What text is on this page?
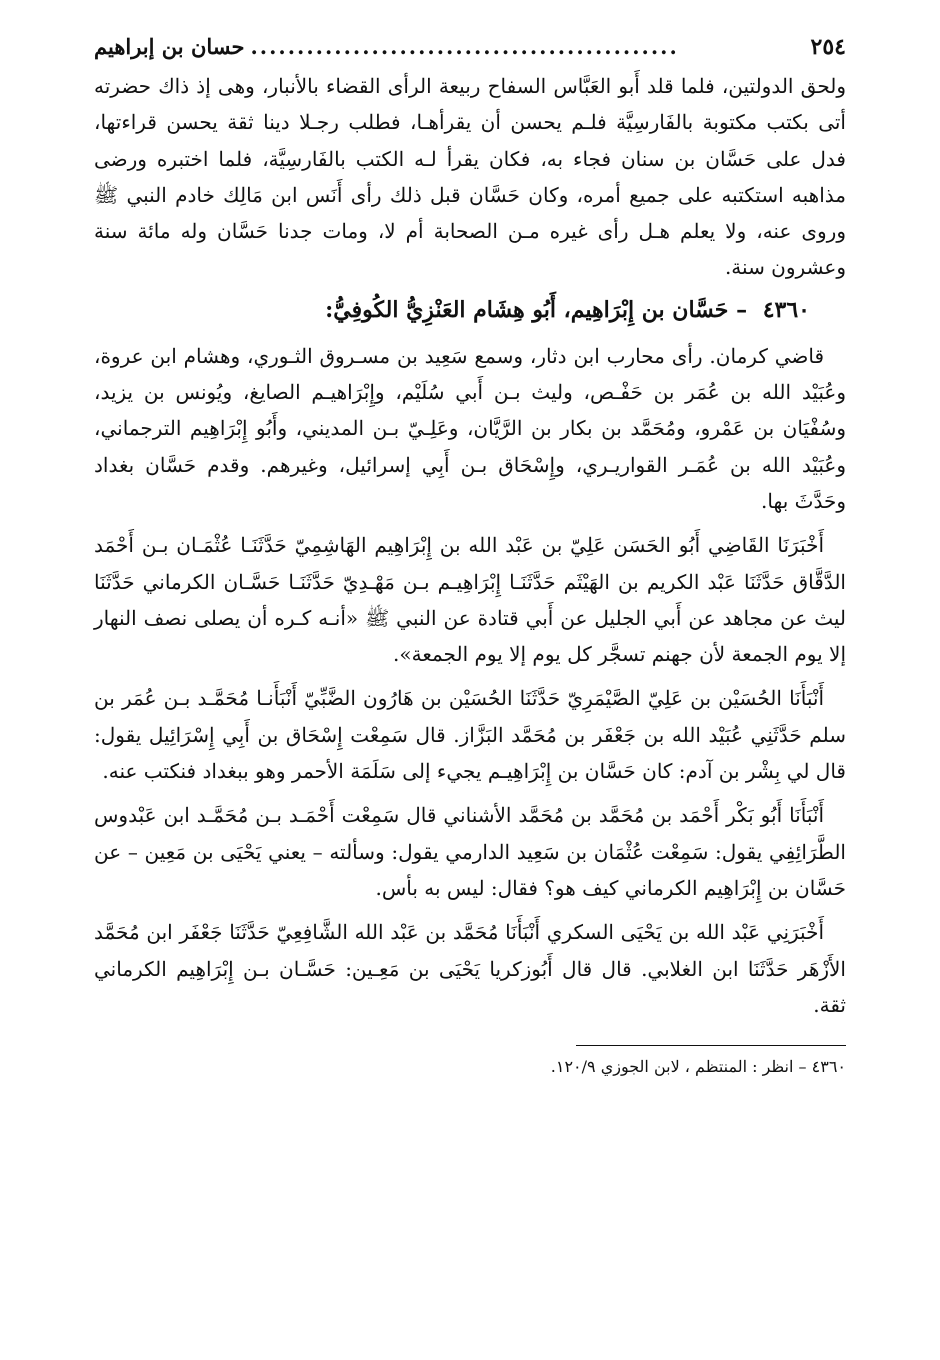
٢٥٤
..............................................
حسان بن إبراهيم

ولحق الدولتين، فلما قلد أَبو العَبَّاس السفاح ربيعة الرأى القضاء بالأنبار، وهى إذ ذاك حضرته أتى بكتب مكتوبة بالفَارسِيَّة فلـم يحسن أن يقرأهـا، فطلب رجـلا دينا ثقة يحسن قراءتها، فدل على حَسَّان بن سنان فجاء به، فكان يقرأ لـه الكتب بالفَارسِيَّة، فلما اختبره ورضى مذاهبه استكتبه على جميع أمره، وكان حَسَّان قبل ذلك رأى أَنَس ابن مَالِك خادم النبي ﷺ وروى عنه، ولا يعلم هـل رأى غيره مـن الصحابة أم لا، ومات جدنا حَسَّان وله مائة سنة وعشرون سنة.

٤٣٦٠ – حَسَّان بن إِبْرَاهِيم، أَبُو هِشَام العَنْزِيُّ الكُوفِيُّ:

قاضي كرمان. رأى محارب ابن دثار، وسمع سَعِيد بن مسـروق الثـوري، وهشام ابن عروة، وعُبَيْد الله بن عُمَر بن حَفْـص، وليث بـن أَبي سُلَيْم، وإِبْرَاهيـم الصايغ، ويُونس بن يزيد، وسُفْيَان بن عَمْرو، ومُحَمَّد بن بكار بن الرَّيَّان، وعَلِـيّ بـن المديني، وأَبُو إِبْرَاهِيم الترجماني، وعُبَيْد الله بن عُمَـر القواريـري، وإِسْحَاق بـن أَبِي إسرائيل، وغيرهم. وقدم حَسَّان بغداد وحَدَّثَ بها.

أَخْبَرَنَا القَاضِي أَبُو الحَسَن عَلِيّ بن عَبْد الله بن إِبْرَاهِيم الهَاشِمِيّ حَدَّثَنَـا عُثْمَـان بـن أَحْمَد الدَّقَّاق حَدَّثَنَا عَبْد الكريم بن الهَيْثَم حَدَّثَنَـا إِبْرَاهِيـم بـن مَهْـدِيّ حَدَّثَنَـا حَسَّـان الكرماني حَدَّثَنَا ليث عن مجاهد عن أَبي الجليل عن أَبي قتادة عن النبي ﷺ «أنـه كـره أن يصلى نصف النهار إلا يوم الجمعة لأن جهنم تسجَّر كل يوم إلا يوم الجمعة».

أَنْبَأَنَا الحُسَيْن بن عَلِيّ الصَّيْمَرِيّ حَدَّثَنَا الحُسَيْن بن هَارُون الضَّبِّيّ أَنْبَأَنـا مُحَمَّـد بـن عُمَر بن سلم حَدَّثَنِي عُبَيْد الله بن جَعْفَر بن مُحَمَّد البَزَّاز. قال سَمِعْت إِسْحَاق بن أَبِي إِسْرَائِيل يقول: قال لي بِشْر بن آدم: كان حَسَّان بن إِبْرَاهِيـم يجيء إلى سَلَمَة الأحمر وهو ببغداد فنكتب عنه.

أَنْبَأَنَا أَبُو بَكْر أَحْمَد بن مُحَمَّد بن مُحَمَّد الأشناني قال سَمِعْت أَحْمَـد بـن مُحَمَّـد ابن عَبْدوس الطَّرَائِفِي يقول: سَمِعْت عُثْمَان بن سَعِيد الدارمي يقول: وسألته – يعني يَحْيَى بن مَعِين – عن حَسَّان بن إِبْرَاهِيم الكرماني كيف هو؟ فقال: ليس به بأس.

أَخْبَرَنِي عَبْد الله بن يَحْيَى السكري أَنْبَأَنَا مُحَمَّد بن عَبْد الله الشَّافِعِيّ حَدَّثَنَا جَعْفَر ابن مُحَمَّد الأَزْهَر حَدَّثَنَا ابن الغلابي. قال قال أَبُوزكريا يَحْيَى بن مَعِـين: حَسَّـان بـن إِبْرَاهِيم الكرماني ثقة.

٤٣٦٠ – انظر : المنتظم ، لابن الجوزي ١٢٠/٩.
